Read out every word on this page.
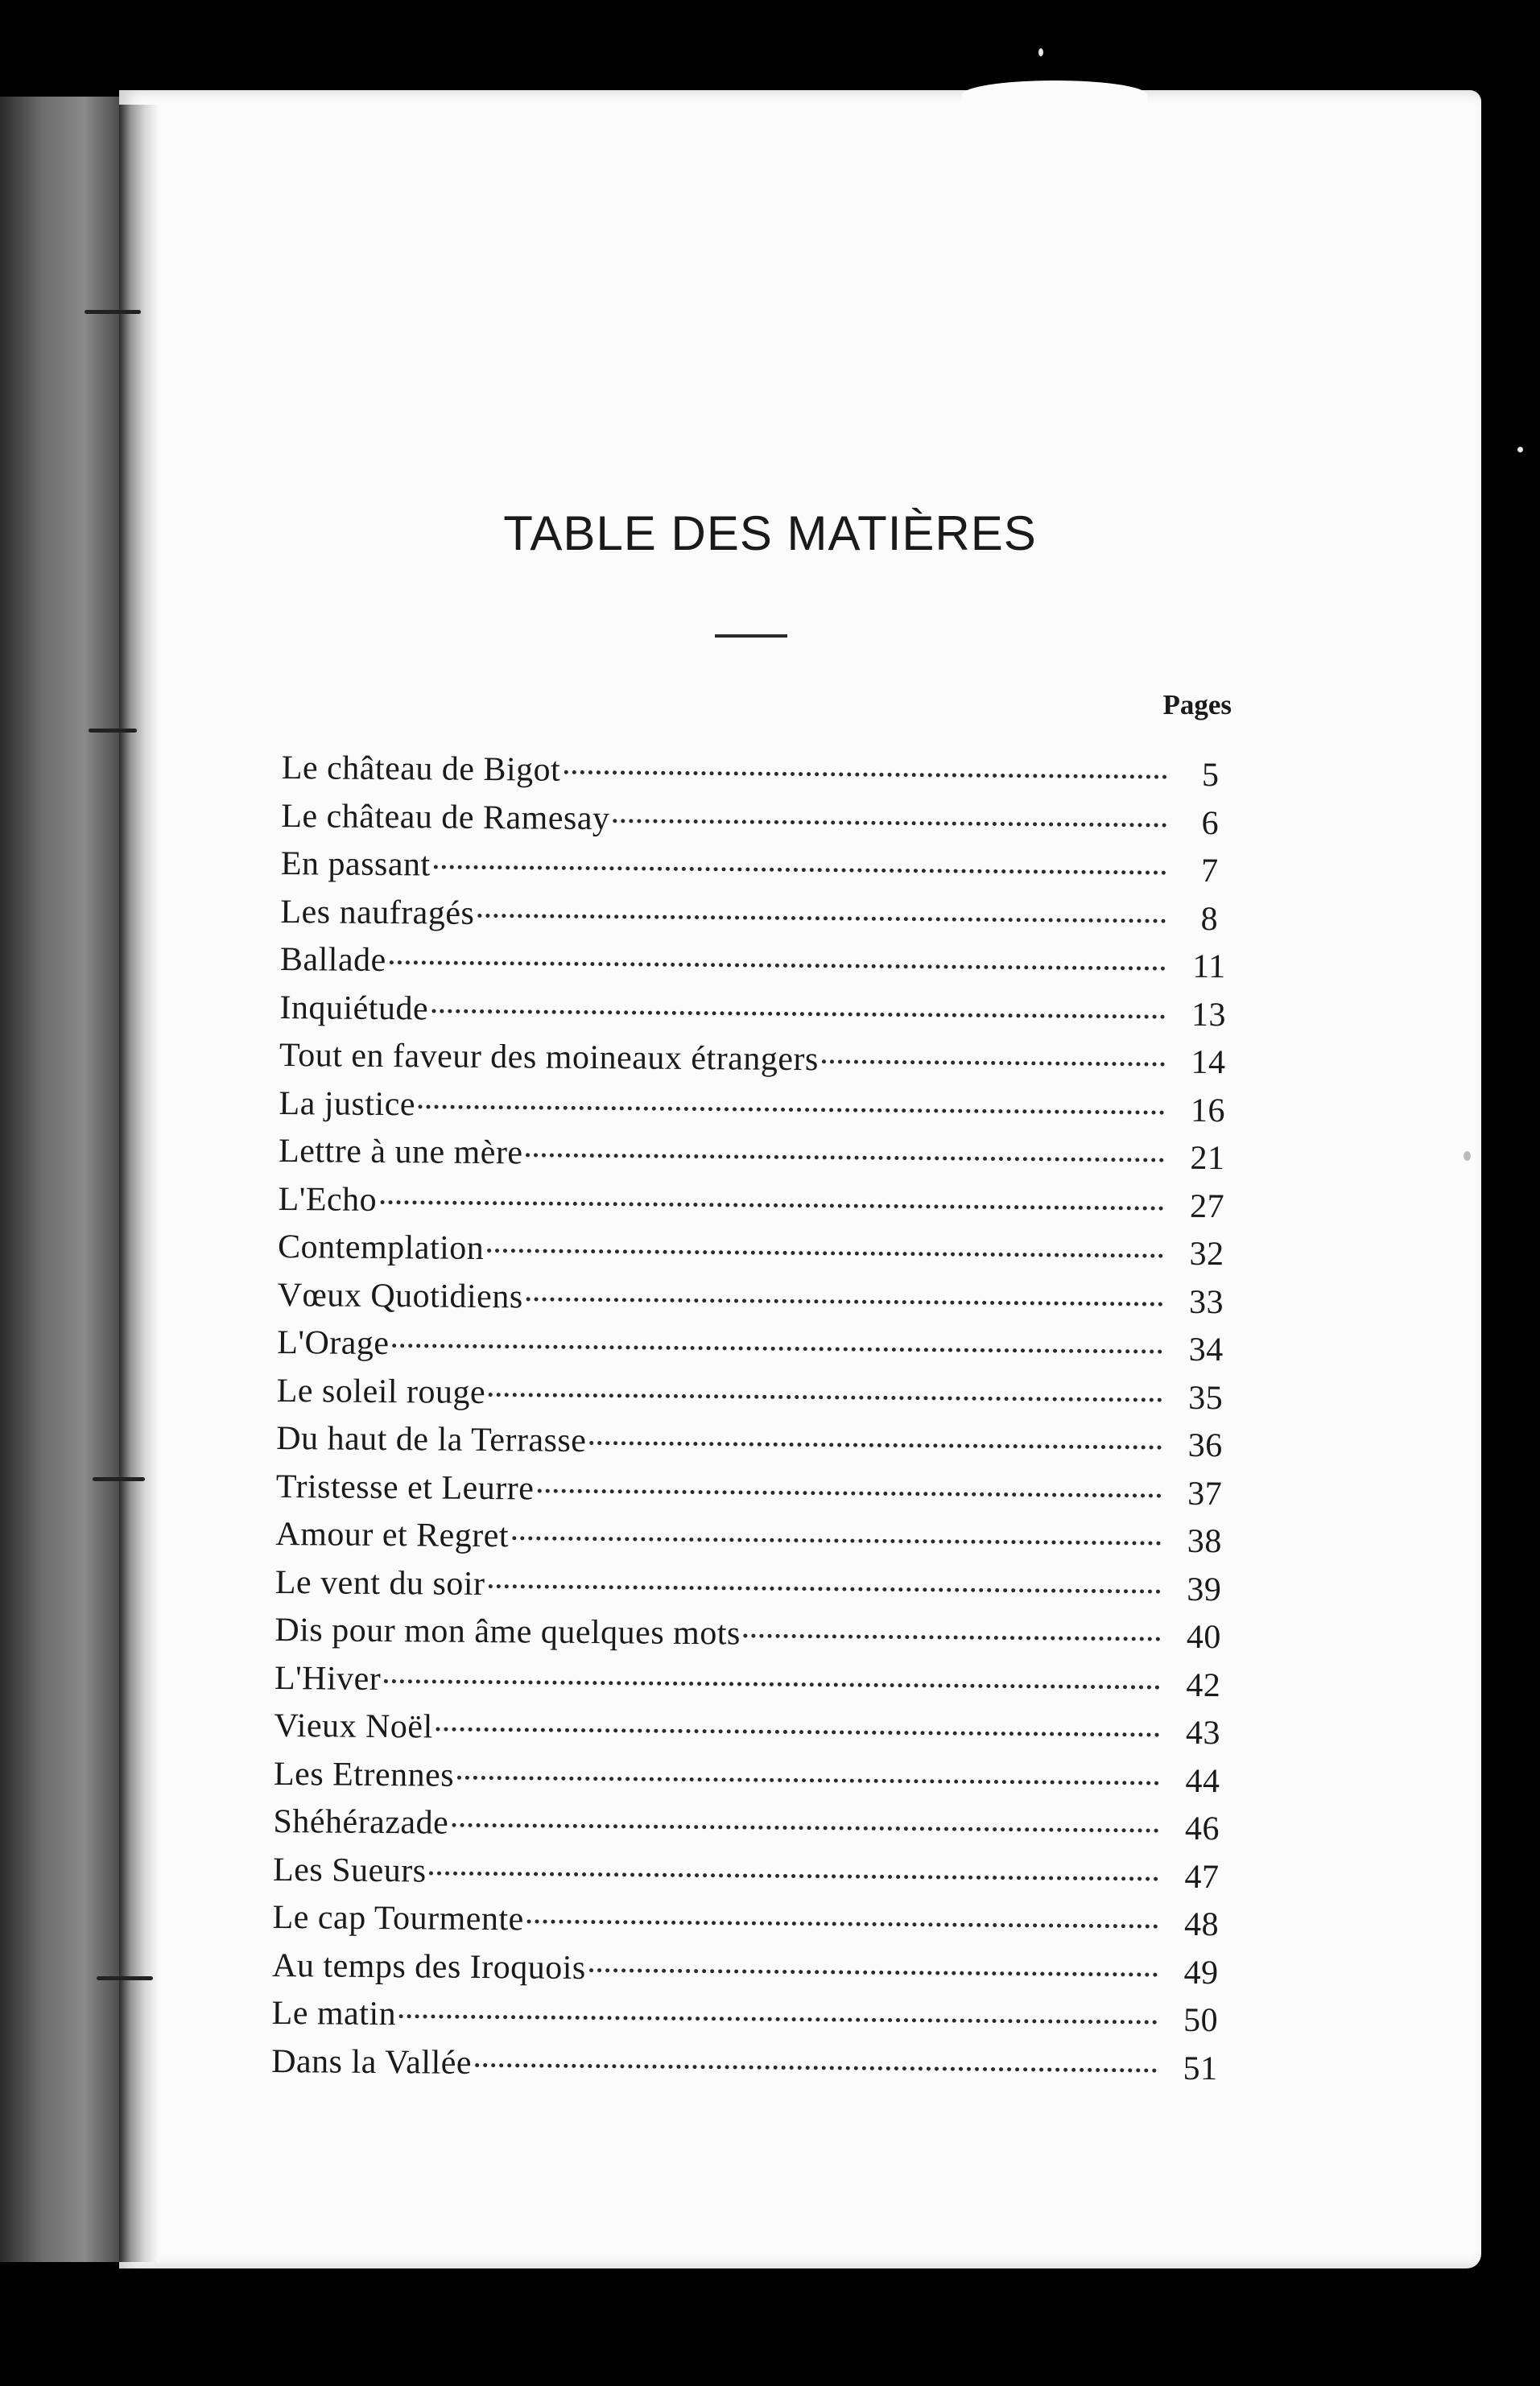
TABLE DES MATIÈRES
Pages
Le château de Bigot	5
Le château de Ramesay	6
En passant	7
Les naufragés	8
Ballade	11
Inquiétude	13
Tout en faveur des moineaux étrangers	14
La justice	16
Lettre à une mère	21
L'Echo	27
Contemplation	32
Vœux Quotidiens	33
L'Orage	34
Le soleil rouge	35
Du haut de la Terrasse	36
Tristesse et Leurre	37
Amour et Regret	38
Le vent du soir	39
Dis pour mon âme quelques mots	40
L'Hiver	42
Vieux Noël	43
Les Etrennes	44
Shéhérazade	46
Les Sueurs	47
Le cap Tourmente	48
Au temps des Iroquois	49
Le matin	50
Dans la Vallée	51
